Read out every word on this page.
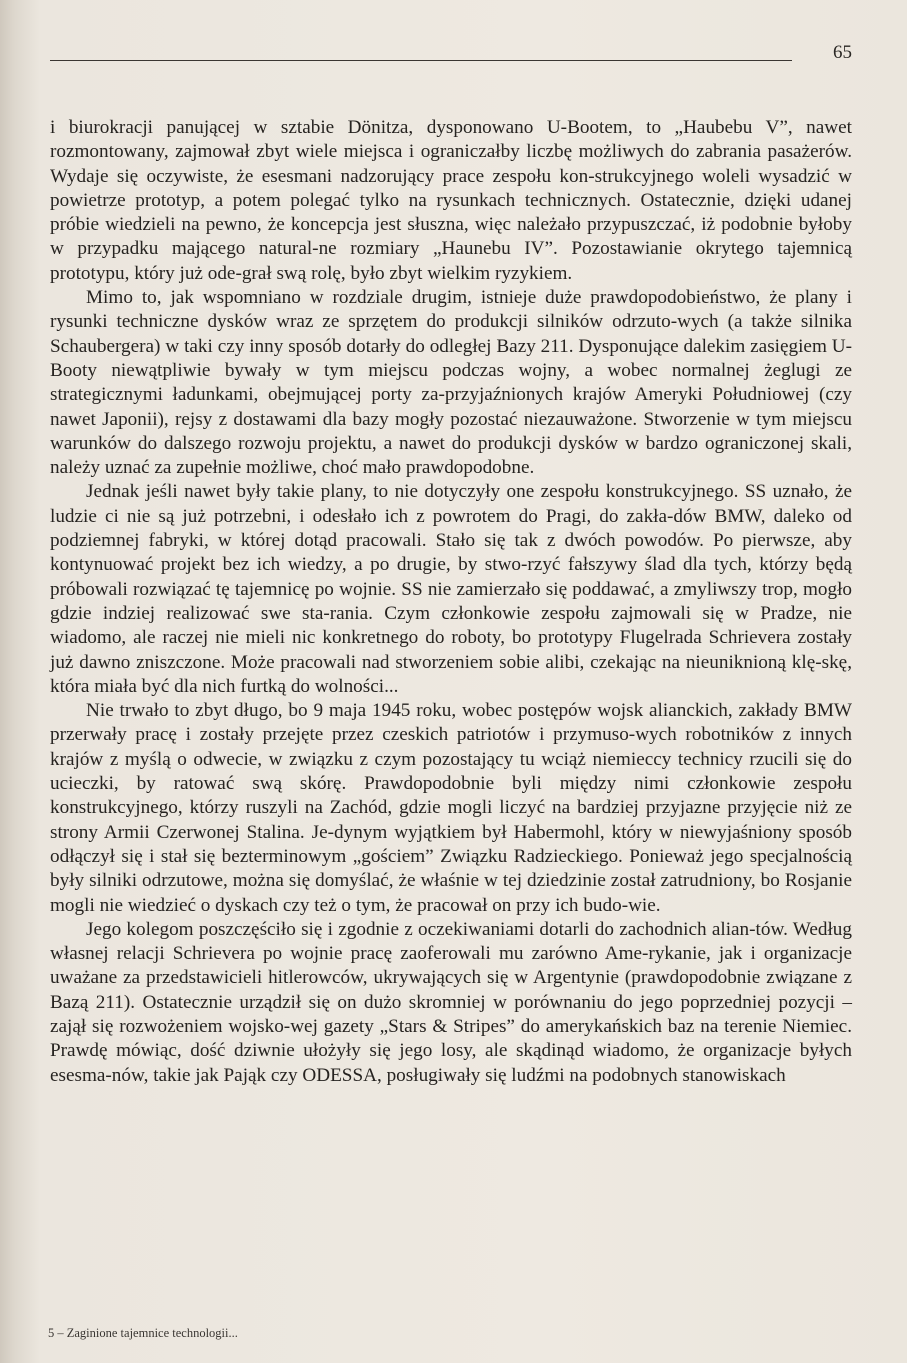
65

i biurokracji panującej w sztabie Dönitza, dysponowano U-Bootem, to „Haubebu V”, nawet rozmontowany, zajmował zbyt wiele miejsca i ograniczałby liczbę możliwych do zabrania pasażerów. Wydaje się oczywiste, że esesmani nadzorujący prace zespołu kon-strukcyjnego woleli wysadzić w powietrze prototyp, a potem polegać tylko na rysunkach technicznych. Ostatecznie, dzięki udanej próbie wiedzieli na pewno, że koncepcja jest słuszna, więc należało przypuszczać, iż podobnie byłoby w przypadku mającego natural-ne rozmiary „Haunebu IV”. Pozostawianie okrytego tajemnicą prototypu, który już ode-grał swą rolę, było zbyt wielkim ryzykiem.

Mimo to, jak wspomniano w rozdziale drugim, istnieje duże prawdopodobieństwo, że plany i rysunki techniczne dysków wraz ze sprzętem do produkcji silników odrzuto-wych (a także silnika Schaubergera) w taki czy inny sposób dotarły do odległej Bazy 211. Dysponujące dalekim zasięgiem U-Booty niewątpliwie bywały w tym miejscu podczas wojny, a wobec normalnej żeglugi ze strategicznymi ładunkami, obejmującej porty za-przyjaźnionych krajów Ameryki Południowej (czy nawet Japonii), rejsy z dostawami dla bazy mogły pozostać niezauważone. Stworzenie w tym miejscu warunków do dalszego rozwoju projektu, a nawet do produkcji dysków w bardzo ograniczonej skali, należy uznać za zupełnie możliwe, choć mało prawdopodobne.

Jednak jeśli nawet były takie plany, to nie dotyczyły one zespołu konstrukcyjnego. SS uznało, że ludzie ci nie są już potrzebni, i odesłało ich z powrotem do Pragi, do zakła-dów BMW, daleko od podziemnej fabryki, w której dotąd pracowali. Stało się tak z dwóch powodów. Po pierwsze, aby kontynuować projekt bez ich wiedzy, a po drugie, by stwo-rzyć fałszywy ślad dla tych, którzy będą próbowali rozwiązać tę tajemnicę po wojnie. SS nie zamierzało się poddawać, a zmyliwszy trop, mogło gdzie indziej realizować swe sta-rania. Czym członkowie zespołu zajmowali się w Pradze, nie wiadomo, ale raczej nie mieli nic konkretnego do roboty, bo prototypy Flugelrada Schrievera zostały już dawno zniszczone. Może pracowali nad stworzeniem sobie alibi, czekając na nieuniknioną klę-skę, która miała być dla nich furtką do wolności...

Nie trwało to zbyt długo, bo 9 maja 1945 roku, wobec postępów wojsk alianckich, zakłady BMW przerwały pracę i zostały przejęte przez czeskich patriotów i przymuso-wych robotników z innych krajów z myślą o odwecie, w związku z czym pozostający tu wciąż niemieccy technicy rzucili się do ucieczki, by ratować swą skórę. Prawdopodobnie byli między nimi członkowie zespołu konstrukcyjnego, którzy ruszyli na Zachód, gdzie mogli liczyć na bardziej przyjazne przyjęcie niż ze strony Armii Czerwonej Stalina. Je-dynym wyjątkiem był Habermohl, który w niewyjaśniony sposób odłączył się i stał się bezterminowym „gościem” Związku Radzieckiego. Ponieważ jego specjalnością były silniki odrzutowe, można się domyślać, że właśnie w tej dziedzinie został zatrudniony, bo Rosjanie mogli nie wiedzieć o dyskach czy też o tym, że pracował on przy ich budo-wie.

Jego kolegom poszczęściło się i zgodnie z oczekiwaniami dotarli do zachodnich alian-tów. Według własnej relacji Schrievera po wojnie pracę zaoferowali mu zarówno Ame-rykanie, jak i organizacje uważane za przedstawicieli hitlerowców, ukrywających się w Argentynie (prawdopodobnie związane z Bazą 211). Ostatecznie urządził się on dużo skromniej w porównaniu do jego poprzedniej pozycji – zajął się rozwożeniem wojsko-wej gazety „Stars & Stripes” do amerykańskich baz na terenie Niemiec. Prawdę mówiąc, dość dziwnie ułożyły się jego losy, ale skądinąd wiadomo, że organizacje byłych esesma-nów, takie jak Pająk czy ODESSA, posługiwały się ludźmi na podobnych stanowiskach

5 – Zaginione tajemnice technologii...
